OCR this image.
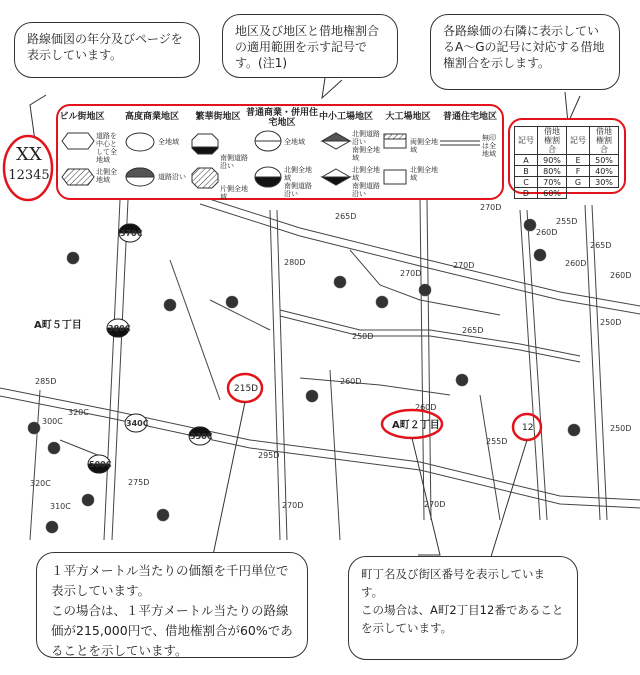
38
20	19
17
16
18
13
15
14
11
8
16
15
14
7
14
285D
300C
320C
320C
310C
295D
270D
275D
280D
265D
260D
250D
255D
270D
265D
260D
260D
255D
250D
270D	260D
265D
250D
260D
270D
270D
370C
380C
340C
330C
500C
A町５丁目
A町２丁目
215D
12
XX
12345
路線価図の年分及びページを表示しています。
地区及び地区と借地権割合の適用範囲を示す記号です。(注1)
各路線価の右隣に表示しているA～Gの記号に対応する借地権割合を示します。
ビル街地区	高度商業地区	繁華街地区 普通商業・併用住宅地区
中小工場地区	大工場地区	普通住宅地区
道路を中心として全地域
北側全地域
全地域
道路沿い
南側道路沿い
片側全地域
全地域
北側全地域
南側道路沿い
北側道路沿い
南側全地域
北側全地域
南側道路沿い
両側全地域
北側全地域
無印は全地域
記号	借地権割合	記号	借地権割合
A	90%	E	50%
B	80%	F	40%
C	70%	G	30%
D	60%		
１平方メートル当たりの価額を千円単位で表示しています。
この場合は、１平方メートル当たりの路線価が215,000円で、借地権割合が60%であることを示しています。
町丁名及び街区番号を表示しています。
この場合は、A町2丁目12番であることを示しています。
